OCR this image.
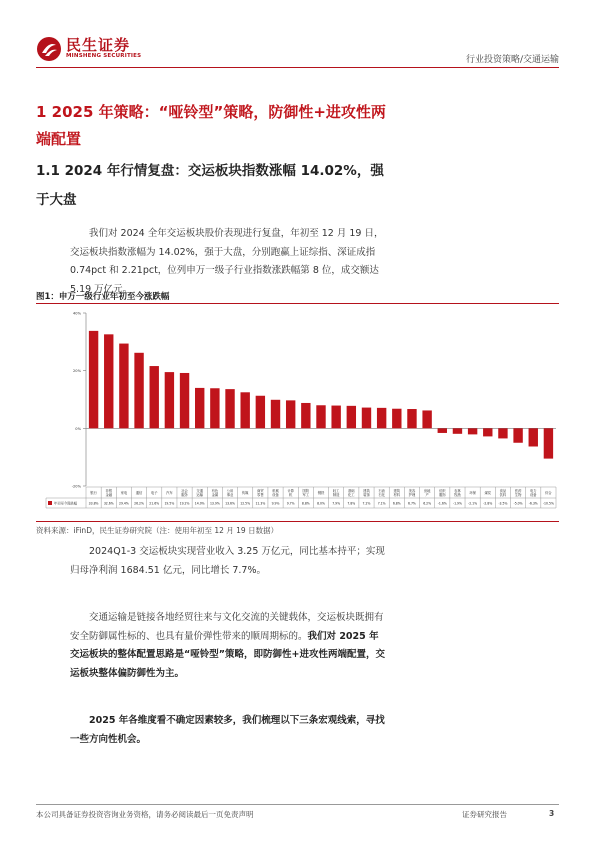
民生证券
MINSHENG SECURITIES	行业投资策略/交通运输
1 2025 年策略：“哑铃型”策略，防御性+进攻性两端配置
1.1 2024 年行情复盘：交运板块指数涨幅 14.02%，强于大盘
　　我们对 2024 全年交运板块股价表现进行复盘，年初至 12 月 19 日，交运板块指数涨幅为 14.02%，强于大盘，分别跑赢上证综指、深证成指 0.74pct 和 2.21pct，位列申万一级子行业指数涨跌幅第 8 位，成交额达 5.19 万亿元。
图1：申万一级行业年初至今涨跌幅
40%
20%
0%
-20%
年初至今涨跌幅
银行
33.8%
非银金融
32.6%
家电
29.4%
通信
26.2%
电子
21.6%
汽车
19.5%
社会服务
19.2%
交通运输
14.0%
有色金属
13.9%
公用事业
13.6%
传媒
12.5%
商贸零售
11.3%
机械设备
9.9%
计算机
9.7%
国防军工
8.8%
钢铁
8.0%
轻工制造
7.9%
基础化工
7.8%
建筑装饰
7.2%
石油石化
7.1%
建筑材料
6.8%
美容护理
6.7%
房地产
6.2%
纺织服饰
-1.6%
农林牧渔
-1.9%
环保
-2.1%
煤炭
-2.8%
食品饮料
-3.5%
医药生物
-5.0%
电力设备
-6.3%
综合
-10.5%
资料来源：iFinD，民生证券研究院（注：使用年初至 12 月 19 日数据）
　　2024Q1-3 交运板块实现营业收入 3.25 万亿元，同比基本持平；实现归母净利润 1684.51 亿元，同比增长 7.7%。
　　交通运输是链接各地经贸往来与文化交流的关键载体，交运板块既拥有安全防御属性标的、也具有量价弹性带来的顺周期标的。我们对 2025 年交运板块的整体配置思路是“哑铃型”策略，即防御性+进攻性两端配置，交运板块整体偏防御性为主。
　　2025 年各维度看不确定因素较多，我们梳理以下三条宏观线索，寻找一些方向性机会。
本公司具备证券投资咨询业务资格，请务必阅读最后一页免责声明	证券研究报告	3
